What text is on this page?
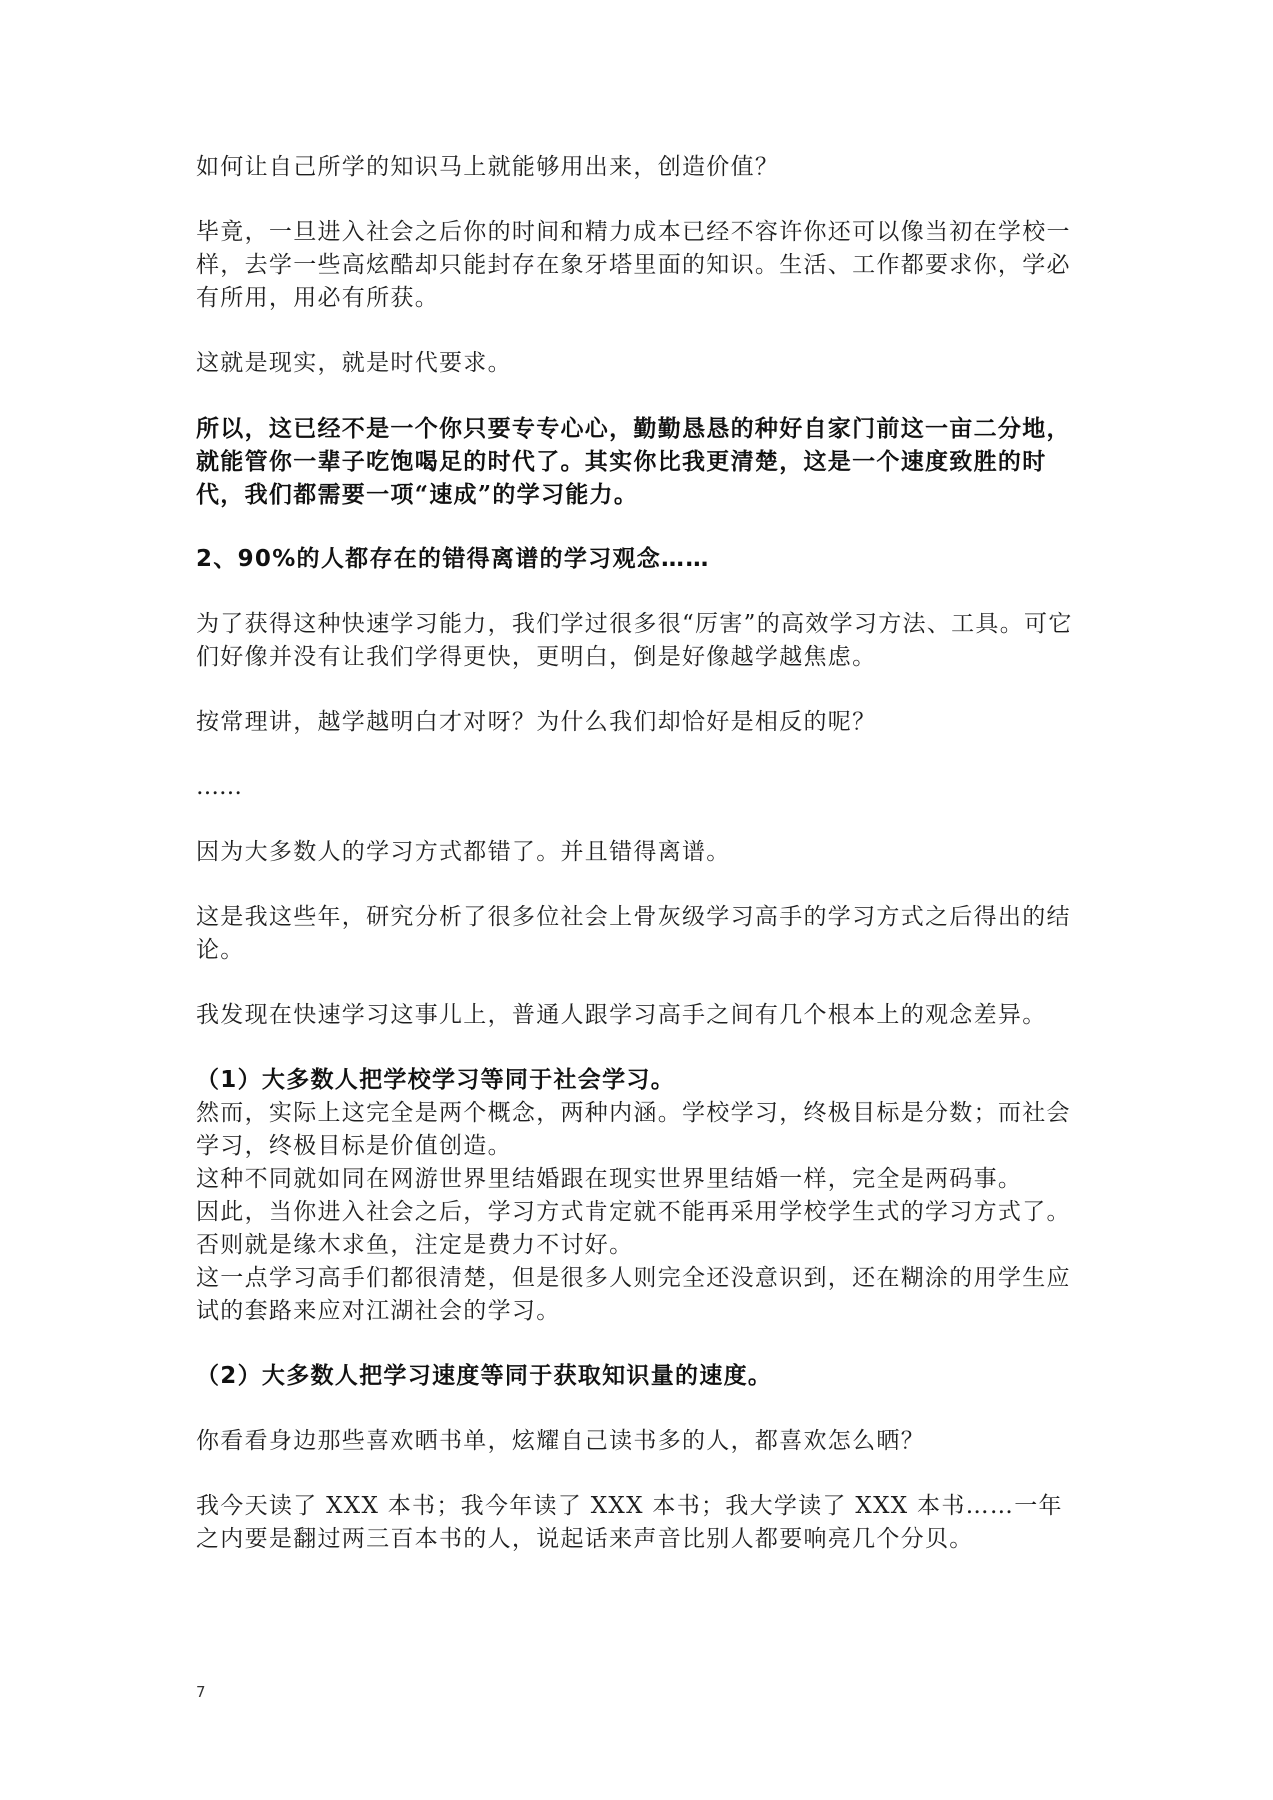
如何让自己所学的知识马上就能够用出来，创造价值？

毕竟，一旦进入社会之后你的时间和精力成本已经不容许你还可以像当初在学校一样，去学一些高炫酷却只能封存在象牙塔里面的知识。生活、工作都要求你，学必有所用，用必有所获。

这就是现实，就是时代要求。

所以，这已经不是一个你只要专专心心，勤勤恳恳的种好自家门前这一亩二分地，就能管你一辈子吃饱喝足的时代了。其实你比我更清楚，这是一个速度致胜的时代，我们都需要一项“速成”的学习能力。

2、90%的人都存在的错得离谱的学习观念……

为了获得这种快速学习能力，我们学过很多很“厉害”的高效学习方法、工具。可它们好像并没有让我们学得更快，更明白，倒是好像越学越焦虑。

按常理讲，越学越明白才对呀？为什么我们却恰好是相反的呢？

……

因为大多数人的学习方式都错了。并且错得离谱。

这是我这些年，研究分析了很多位社会上骨灰级学习高手的学习方式之后得出的结论。

我发现在快速学习这事儿上，普通人跟学习高手之间有几个根本上的观念差异。

（1）大多数人把学校学习等同于社会学习。

然而，实际上这完全是两个概念，两种内涵。学校学习，终极目标是分数；而社会学习，终极目标是价值创造。

这种不同就如同在网游世界里结婚跟在现实世界里结婚一样，完全是两码事。

因此，当你进入社会之后，学习方式肯定就不能再采用学校学生式的学习方式了。否则就是缘木求鱼，注定是费力不讨好。

这一点学习高手们都很清楚，但是很多人则完全还没意识到，还在糊涂的用学生应试的套路来应对江湖社会的学习。

（2）大多数人把学习速度等同于获取知识量的速度。

你看看身边那些喜欢晒书单，炫耀自己读书多的人，都喜欢怎么晒？

我今天读了 XXX 本书；我今年读了 XXX 本书；我大学读了 XXX 本书……一年之内要是翻过两三百本书的人，说起话来声音比别人都要响亮几个分贝。

7
